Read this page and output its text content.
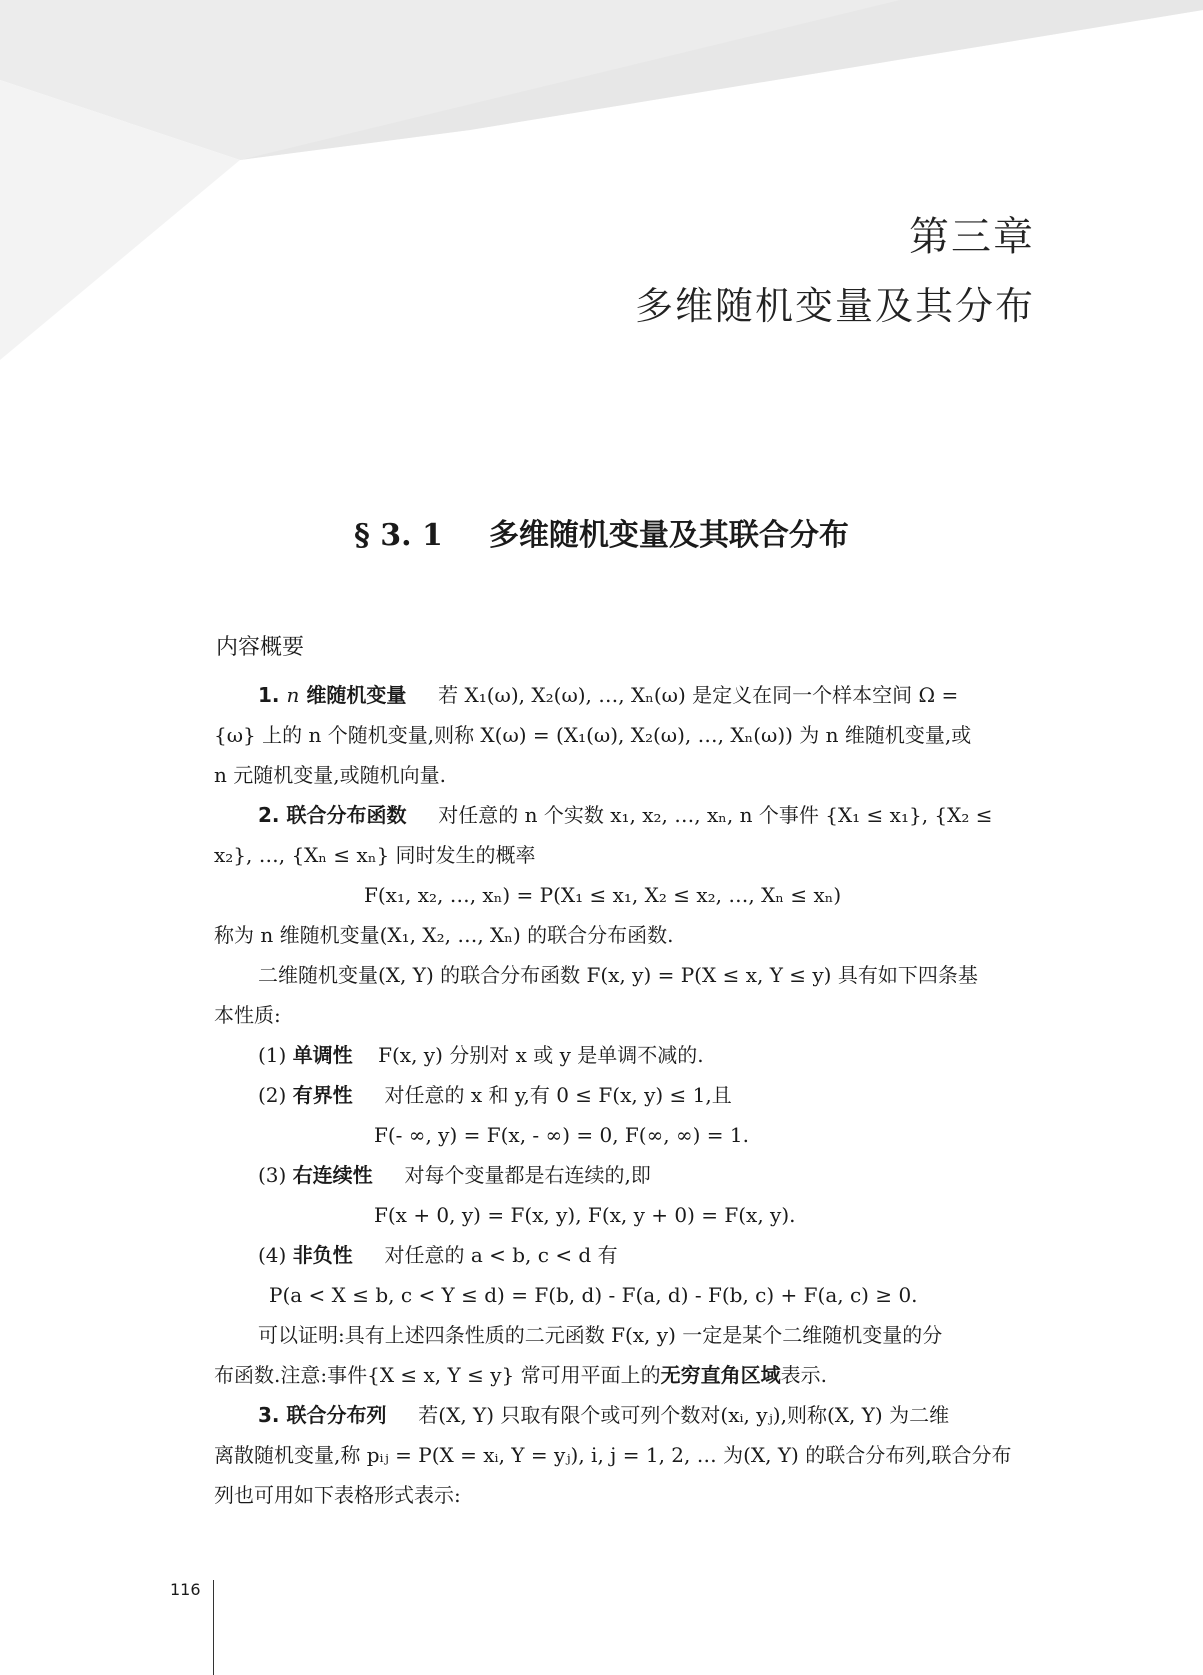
第三章
多维随机变量及其分布
§ 3. 1 多维随机变量及其联合分布
内容概要
1. n 维随机变量 若 X₁(ω), X₂(ω), …, Xₙ(ω) 是定义在同一个样本空间 Ω =
{ω} 上的 n 个随机变量,则称 X(ω) = (X₁(ω), X₂(ω), …, Xₙ(ω)) 为 n 维随机变量,或
n 元随机变量,或随机向量.
2. 联合分布函数 对任意的 n 个实数 x₁, x₂, …, xₙ, n 个事件 {X₁ ≤ x₁}, {X₂ ≤
x₂}, …, {Xₙ ≤ xₙ} 同时发生的概率
F(x₁, x₂, …, xₙ) = P(X₁ ≤ x₁, X₂ ≤ x₂, …, Xₙ ≤ xₙ)
称为 n 维随机变量(X₁, X₂, …, Xₙ) 的联合分布函数.
二维随机变量(X, Y) 的联合分布函数 F(x, y) = P(X ≤ x, Y ≤ y) 具有如下四条基
本性质:
(1) 单调性 F(x, y) 分别对 x 或 y 是单调不减的.
(2) 有界性 对任意的 x 和 y,有 0 ≤ F(x, y) ≤ 1,且
F(- ∞, y) = F(x, - ∞) = 0, F(∞, ∞) = 1.
(3) 右连续性 对每个变量都是右连续的,即
F(x + 0, y) = F(x, y), F(x, y + 0) = F(x, y).
(4) 非负性 对任意的 a < b, c < d 有
P(a < X ≤ b, c < Y ≤ d) = F(b, d) - F(a, d) - F(b, c) + F(a, c) ≥ 0.
可以证明:具有上述四条性质的二元函数 F(x, y) 一定是某个二维随机变量的分
布函数.注意:事件{X ≤ x, Y ≤ y} 常可用平面上的无穷直角区域表示.
3. 联合分布列 若(X, Y) 只取有限个或可列个数对(xᵢ, yⱼ),则称(X, Y) 为二维
离散随机变量,称 pᵢⱼ = P(X = xᵢ, Y = yⱼ), i, j = 1, 2, … 为(X, Y) 的联合分布列,联合分布
列也可用如下表格形式表示:
116
